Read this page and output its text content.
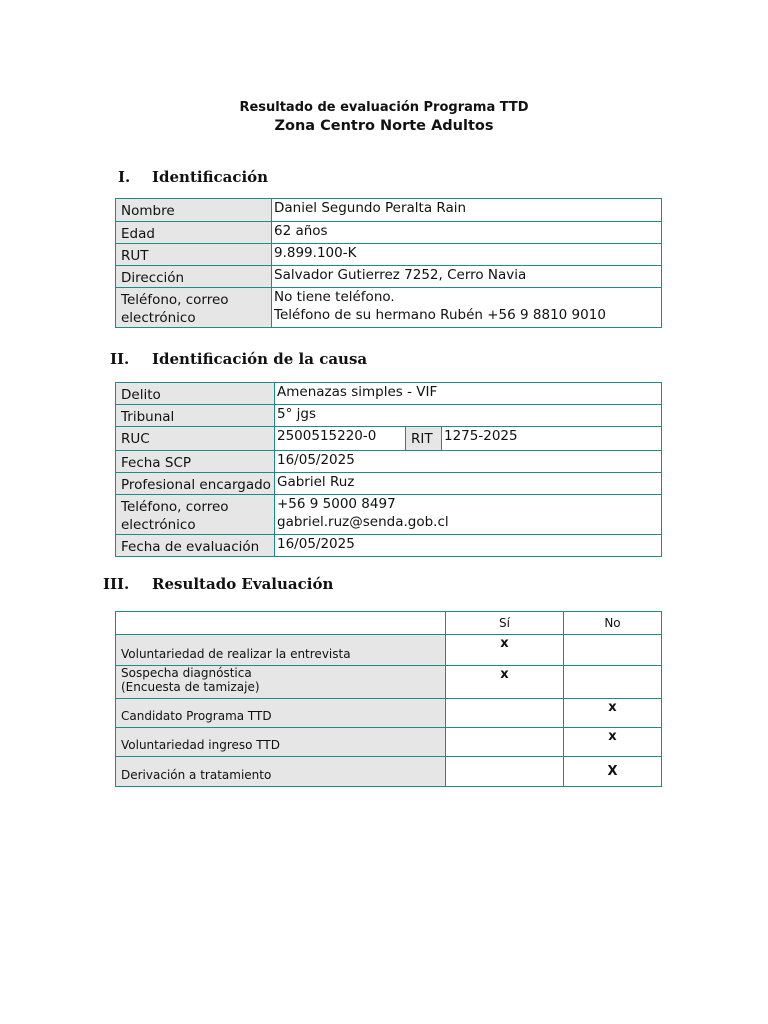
Resultado de evaluación Programa TTD
Zona Centro Norte Adultos
I. Identificación
Nombre	Daniel Segundo Peralta Rain
Edad	62 años
RUT	9.899.100-K
Dirección	Salvador Gutierrez 7252, Cerro Navia
Teléfono, correo electrónico	No tiene teléfono.
Teléfono de su hermano Rubén +56 9 8810 9010
II. Identificación de la causa
Delito	Amenazas simples - VIF		
Tribunal	5° jgs		
RUC	2500515220-0	RIT	1275-2025
Fecha SCP	16/05/2025		
Profesional encargado	Gabriel Ruz		
Teléfono, correo electrónico	+56 9 5000 8497
gabriel.ruz@senda.gob.cl		

Fecha de evaluación	16/05/2025		
III. Resultado Evaluación
	Sí	No
Voluntariedad de realizar la entrevista	x	

Sospecha diagnóstica
(Encuesta de tamizaje)	x	
Candidato Programa TTD		x
Voluntariedad ingreso TTD		x
Derivación a tratamiento		X
